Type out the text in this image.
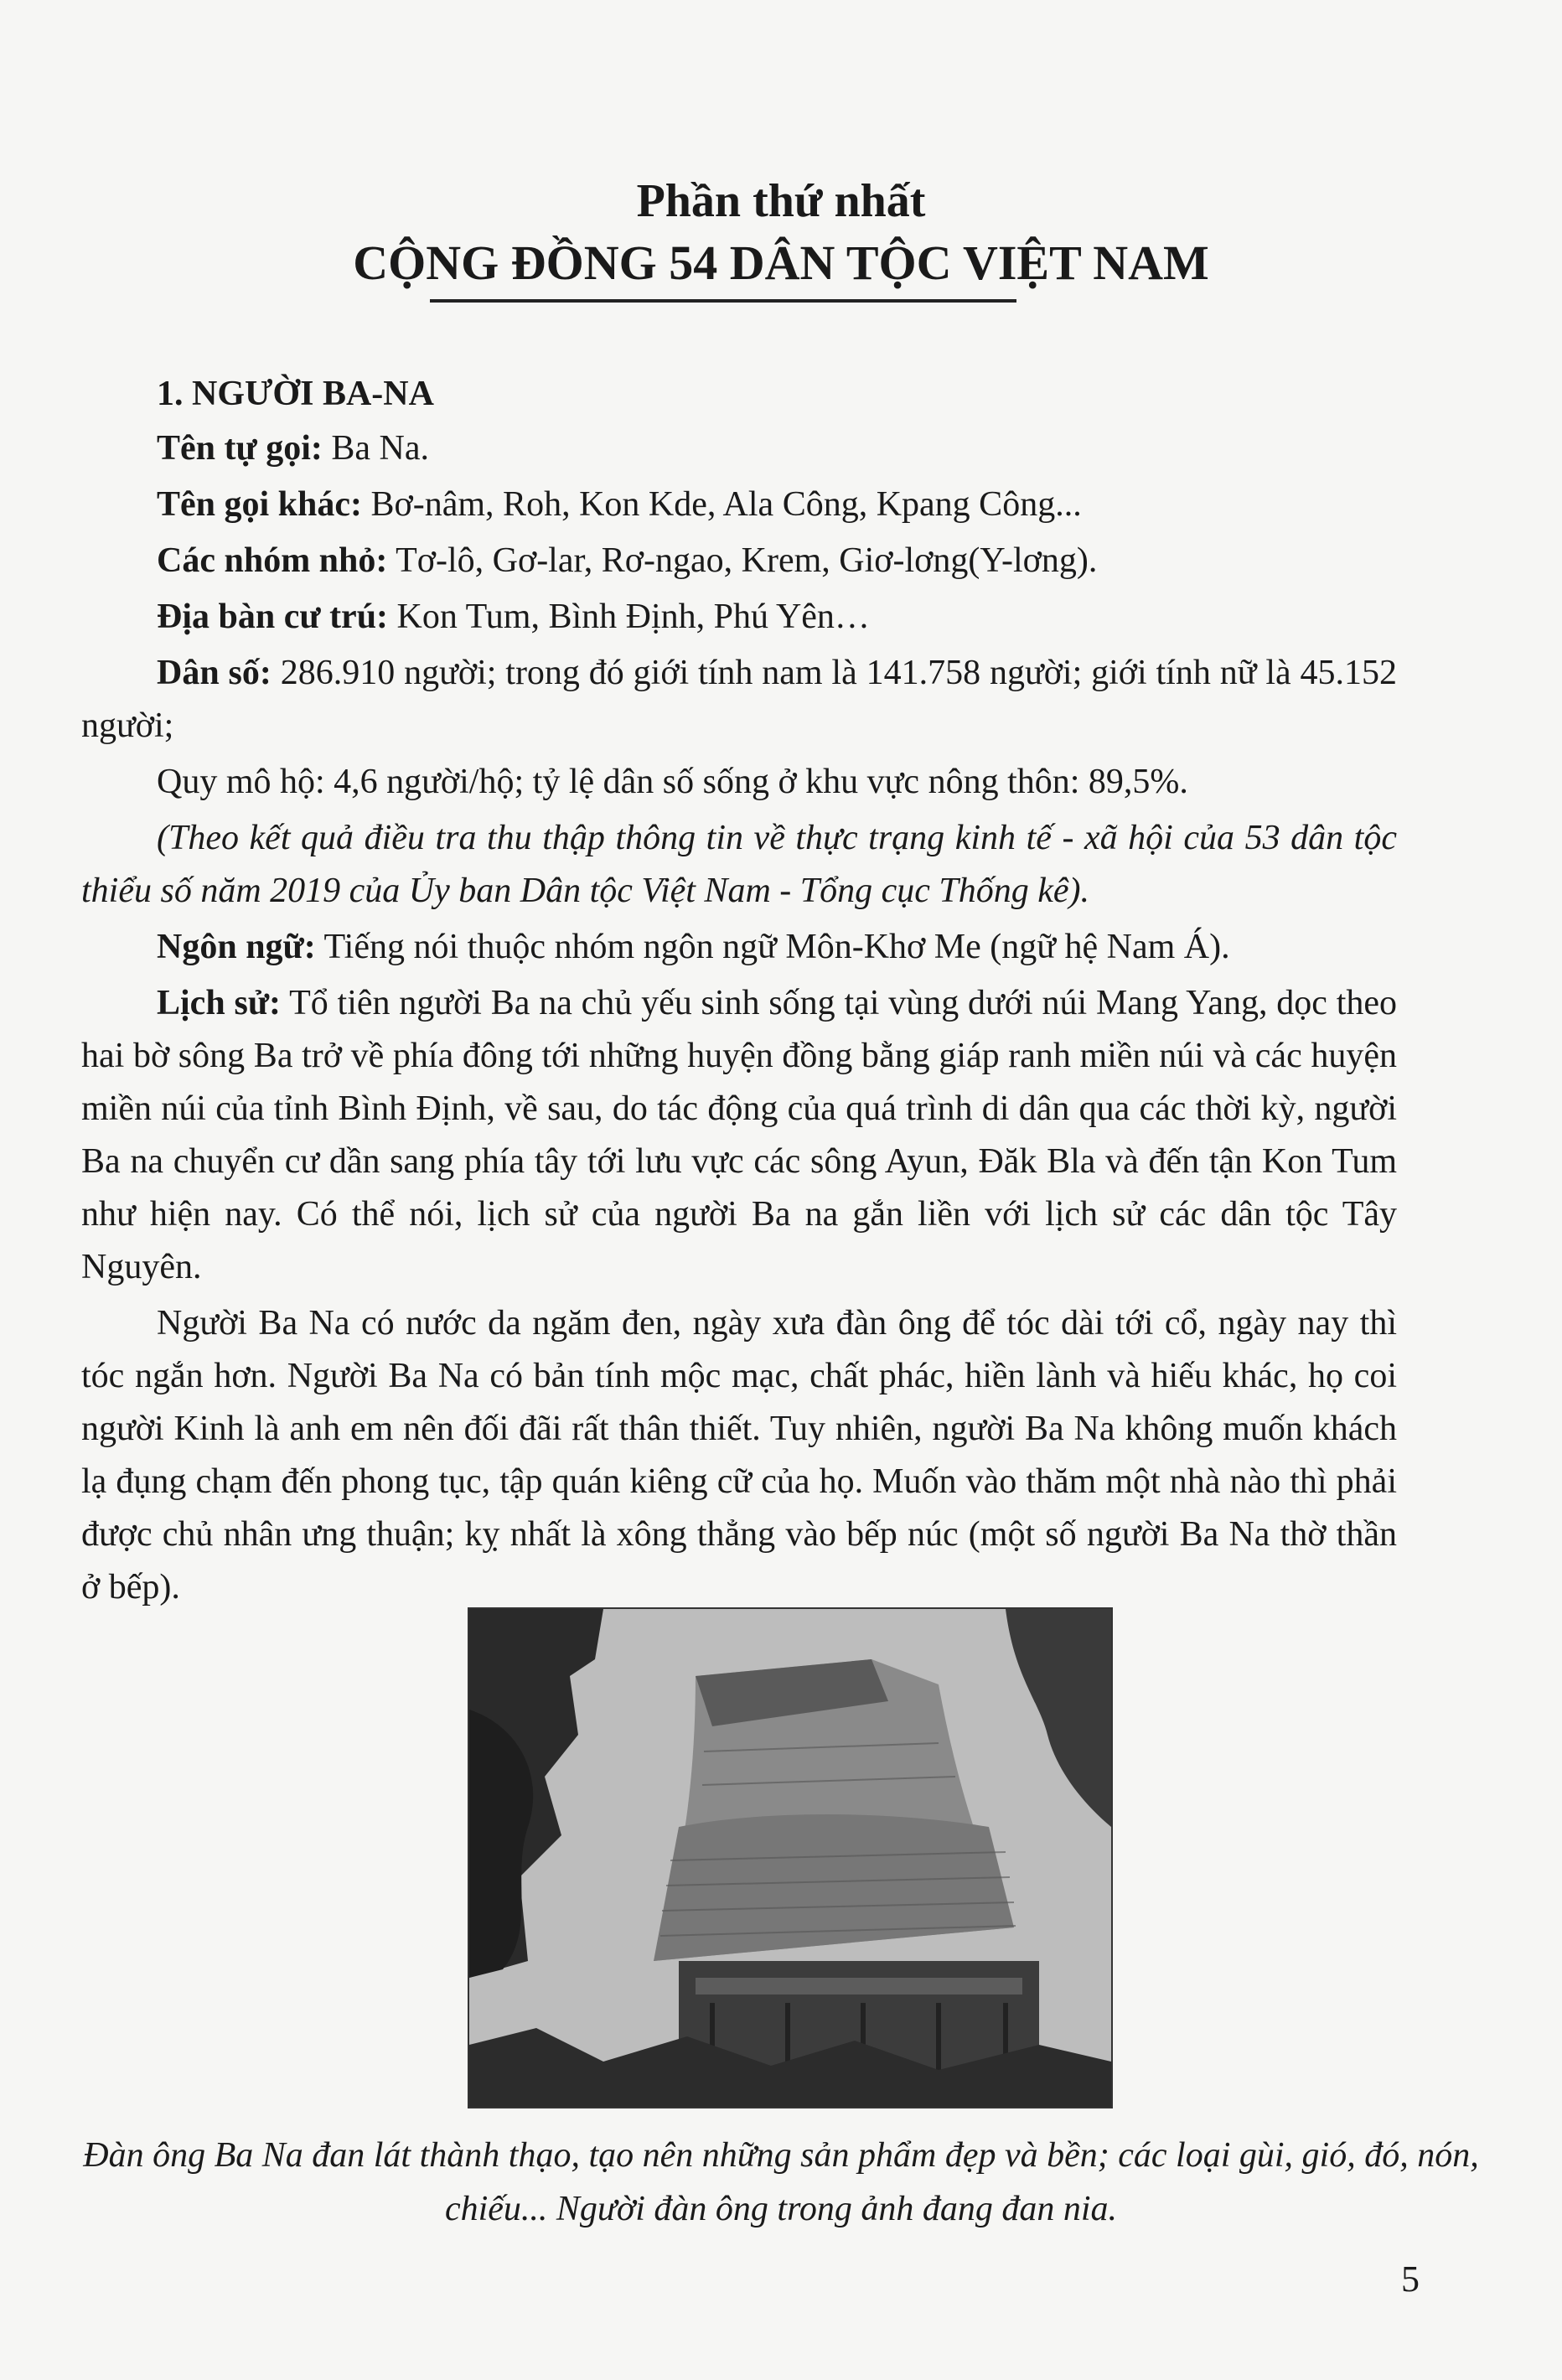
Phần thứ nhất
CỘNG ĐỒNG 54 DÂN TỘC VIỆT NAM
1. NGƯỜI BA-NA

Tên tự gọi: Ba Na.

Tên gọi khác: Bơ-nâm, Roh, Kon Kde, Ala Công, Kpang Công...

Các nhóm nhỏ: Tơ-lô, Gơ-lar, Rơ-ngao, Krem, Giơ-lơng(Y-lơng).

Địa bàn cư trú: Kon Tum, Bình Định, Phú Yên…

Dân số: 286.910 người; trong đó giới tính nam là 141.758 người; giới tính nữ là 45.152 người;

Quy mô hộ: 4,6 người/hộ; tỷ lệ dân số sống ở khu vực nông thôn: 89,5%.

(Theo kết quả điều tra thu thập thông tin về thực trạng kinh tế - xã hội của 53 dân tộc thiểu số năm 2019 của Ủy ban Dân tộc Việt Nam - Tổng cục Thống kê).

Ngôn ngữ: Tiếng nói thuộc nhóm ngôn ngữ Môn-Khơ Me (ngữ hệ Nam Á).

Lịch sử: Tổ tiên người Ba na chủ yếu sinh sống tại vùng dưới núi Mang Yang, dọc theo hai bờ sông Ba trở về phía đông tới những huyện đồng bằng giáp ranh miền núi và các huyện miền núi của tỉnh Bình Định, về sau, do tác động của quá trình di dân qua các thời kỳ, người Ba na chuyển cư dần sang phía tây tới lưu vực các sông Ayun, Đăk Bla và đến tận Kon Tum như hiện nay. Có thể nói, lịch sử của người Ba na gắn liền với lịch sử các dân tộc Tây Nguyên.

Người Ba Na có nước da ngăm đen, ngày xưa đàn ông để tóc dài tới cổ, ngày nay thì tóc ngắn hơn. Người Ba Na có bản tính mộc mạc, chất phác, hiền lành và hiếu khác, họ coi người Kinh là anh em nên đối đãi rất thân thiết. Tuy nhiên, người Ba Na không muốn khách lạ đụng chạm đến phong tục, tập quán kiêng cữ của họ. Muốn vào thăm một nhà nào thì phải được chủ nhân ưng thuận; kỵ nhất là xông thẳng vào bếp núc (một số người Ba Na thờ thần ở bếp).

Đàn ông Ba Na đan lát thành thạo, tạo nên những sản phẩm đẹp và bền; các loại gùi, gió, đó, nón, chiếu... Người đàn ông trong ảnh đang đan nia.
5
